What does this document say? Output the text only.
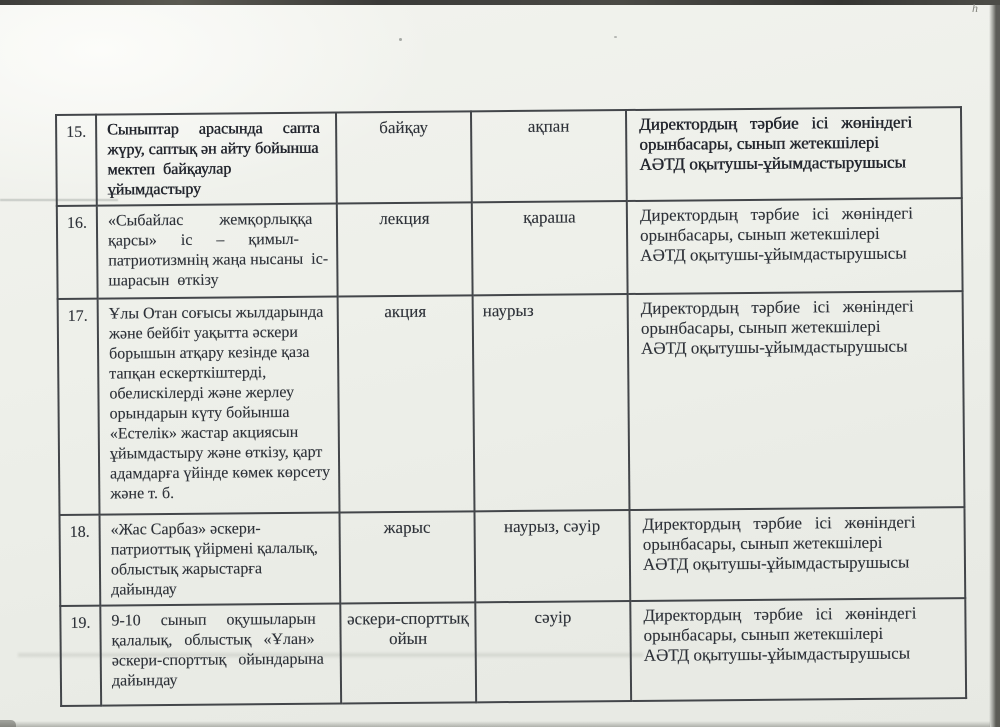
һ
15.	Сыныптар     арасында     сапта
жүру, саптық ән айту бойынша
мектеп  байқаулар ұйымдастыру	байқау	ақпан	Директордың   тәрбие   ісі   жөніндегі
орынбасары, сынып жетекшілері
АӘТД оқытушы-ұйымдастырушысы
16.	«Сыбайлас         жемқорлыққа
қарсы»      іс      –      қимыл-
патриотизмнің жаңа нысаны  іс-
шарасын  өткізу	лекция	қараша	Директордың   тәрбие   ісі   жөніндегі
орынбасары, сынып жетекшілері
АӘТД оқытушы-ұйымдастырушысы
17.	Ұлы Отан соғысы жылдарында
және бейбіт уақытта әскери
борышын атқару кезінде қаза
тапқан ескерткіштерді,
обелискілерді және жерлеу
орындарын күту бойынша
«Естелік» жастар акциясын
ұйымдастыру және өткізу, қарт
адамдарға үйінде көмек көрсету
және т. б.	акция	наурыз	Директордың   тәрбие   ісі   жөніндегі
орынбасары, сынып жетекшілері
АӘТД оқытушы-ұйымдастырушысы
18.	«Жас Сарбаз» әскери-
патриоттық үйірмені қалалық,
облыстық жарыстарға дайындау	жарыс	наурыз, сәуір	Директордың   тәрбие   ісі   жөніндегі
орынбасары, сынып жетекшілері
АӘТД оқытушы-ұйымдастырушысы
19.	9-10     сынып     оқушыларын
қалалық,   облыстық   «Ұлан»
әскери-спорттық   ойындарына
дайындау	әскери-спорттық ойын	сәуір	Директордың   тәрбие   ісі   жөніндегі
орынбасары, сынып жетекшілері
АӘТД оқытушы-ұйымдастырушысы
